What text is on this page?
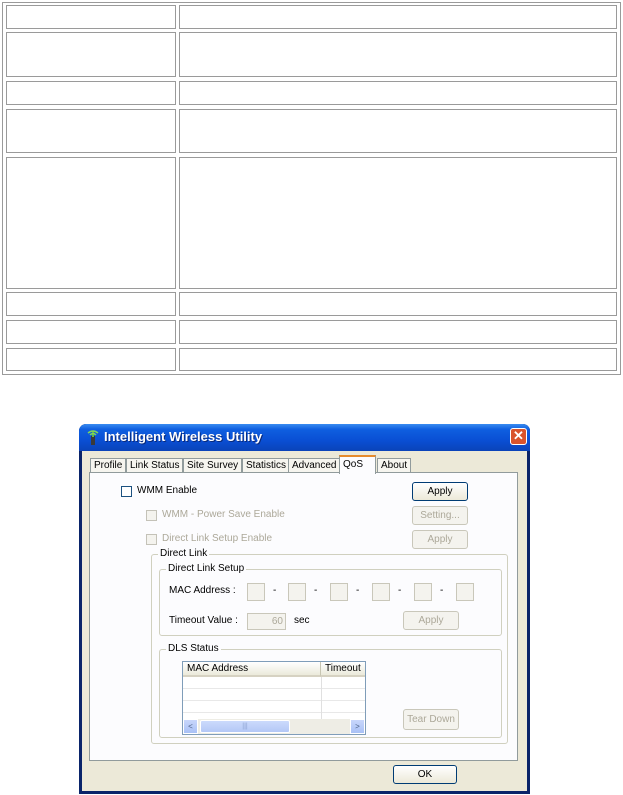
Intelligent Wireless Utility	✕
Profile Link Status Site Survey Statistics Advanced QoS	About
WMM Enable	Apply
WMM - Power Save Enable	Setting...
Direct Link Setup Enable	Apply
Direct Link
Direct Link Setup
MAC Address :	-	-	-	-	-
Timeout Value :	60	sec	Apply
DLS Status
MAC Address	Timeout
<	|||	>
Tear Down
OK
